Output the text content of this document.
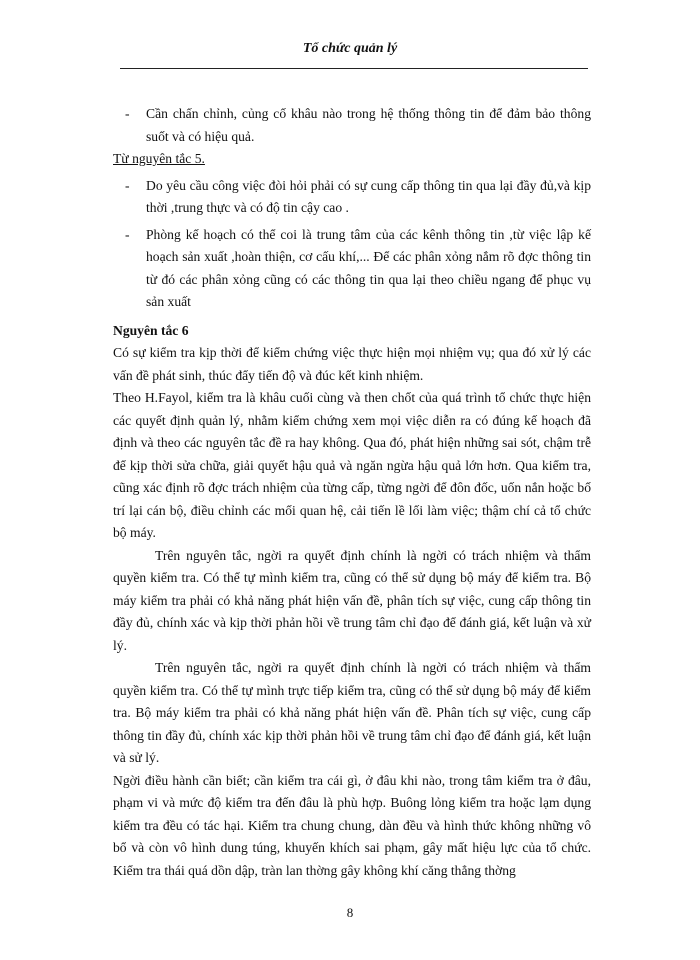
Tổ chức quản lý
- Cần chấn chỉnh, củng cố khâu nào trong hệ thống thông tin để đảm bảo thông suốt và có hiệu quả.

Từ nguyên tắc 5.

- Do yêu cầu công việc đòi hỏi phải có sự cung cấp thông tin qua lại đầy đủ,và kịp thời ,trung thực và có độ tin cậy cao .
- Phòng kế hoạch có thể coi là trung tâm của các kênh thông tin ,từ việc lập kế hoạch sản xuất ,hoàn thiện, cơ cấu khí,... Để các phân xỏng nắm rõ đợc thông tin từ đó các phân xỏng cũng có các thông tin qua lại theo chiều ngang để phục vụ sản xuất

Nguyên tắc 6

Có sự kiểm tra kịp thời để kiểm chứng việc thực hiện mọi nhiệm vụ; qua đó xử lý các vấn đề phát sinh, thúc đẩy tiến độ và đúc kết kinh nhiệm.

Theo H.Fayol, kiểm tra là khâu cuối cùng và then chốt của quá trình tổ chức thực hiện các quyết định quản lý, nhằm kiểm chứng xem mọi việc diễn ra có đúng kế hoạch đã định và theo các nguyên tắc đề ra hay không. Qua đó, phát hiện những sai sót, chậm trễ để kịp thời sửa chữa, giải quyết hậu quả và ngăn ngừa hậu quả lớn hơn. Qua kiểm tra, cũng xác định rõ đợc trách nhiệm của từng cấp, từng ngời để đôn đốc, uốn nắn hoặc bố trí lại cán bộ, điều chỉnh các mối quan hệ, cải tiến lề lối làm việc; thậm chí cả tổ chức bộ máy.

Trên nguyên tắc, ngời ra quyết định chính là ngời có trách nhiệm và thẩm quyền kiểm tra. Có thể tự mình kiểm tra, cũng có thể sử dụng bộ máy để kiểm tra. Bộ máy kiểm tra phải có khả năng phát hiện vấn đề, phân tích sự việc, cung cấp thông tin đầy đủ, chính xác và kịp thời phản hồi về trung tâm chỉ đạo để đánh giá, kết luận và xử lý.

Trên nguyên tắc, ngời ra quyết định chính là ngời có trách nhiệm và thẩm quyền kiểm tra. Có thể tự mình trực tiếp kiểm tra, cũng có thể sử dụng bộ máy để kiểm tra. Bộ máy kiểm tra phải có khả năng phát hiện vấn đề. Phân tích sự việc, cung cấp thông tin đầy đủ, chính xác kịp thời phản hồi về trung tâm chỉ đạo để đánh giá, kết luận và sử lý.

Ngời điều hành cần biết; cần kiểm tra cái gì, ở đâu khi nào, trong tâm kiểm tra ở đâu, phạm vi và mức độ kiểm tra đến đâu là phù hợp. Buông lỏng kiểm tra hoặc lạm dụng kiểm tra đều có tác hại. Kiểm tra chung chung, dàn đều và hình thức không những vô bổ và còn vô hình dung túng, khuyến khích sai phạm, gây mất hiệu lực của tổ chức. Kiểm tra thái quá dồn dập, tràn lan thờng gây không khí căng thẳng thờng

8
